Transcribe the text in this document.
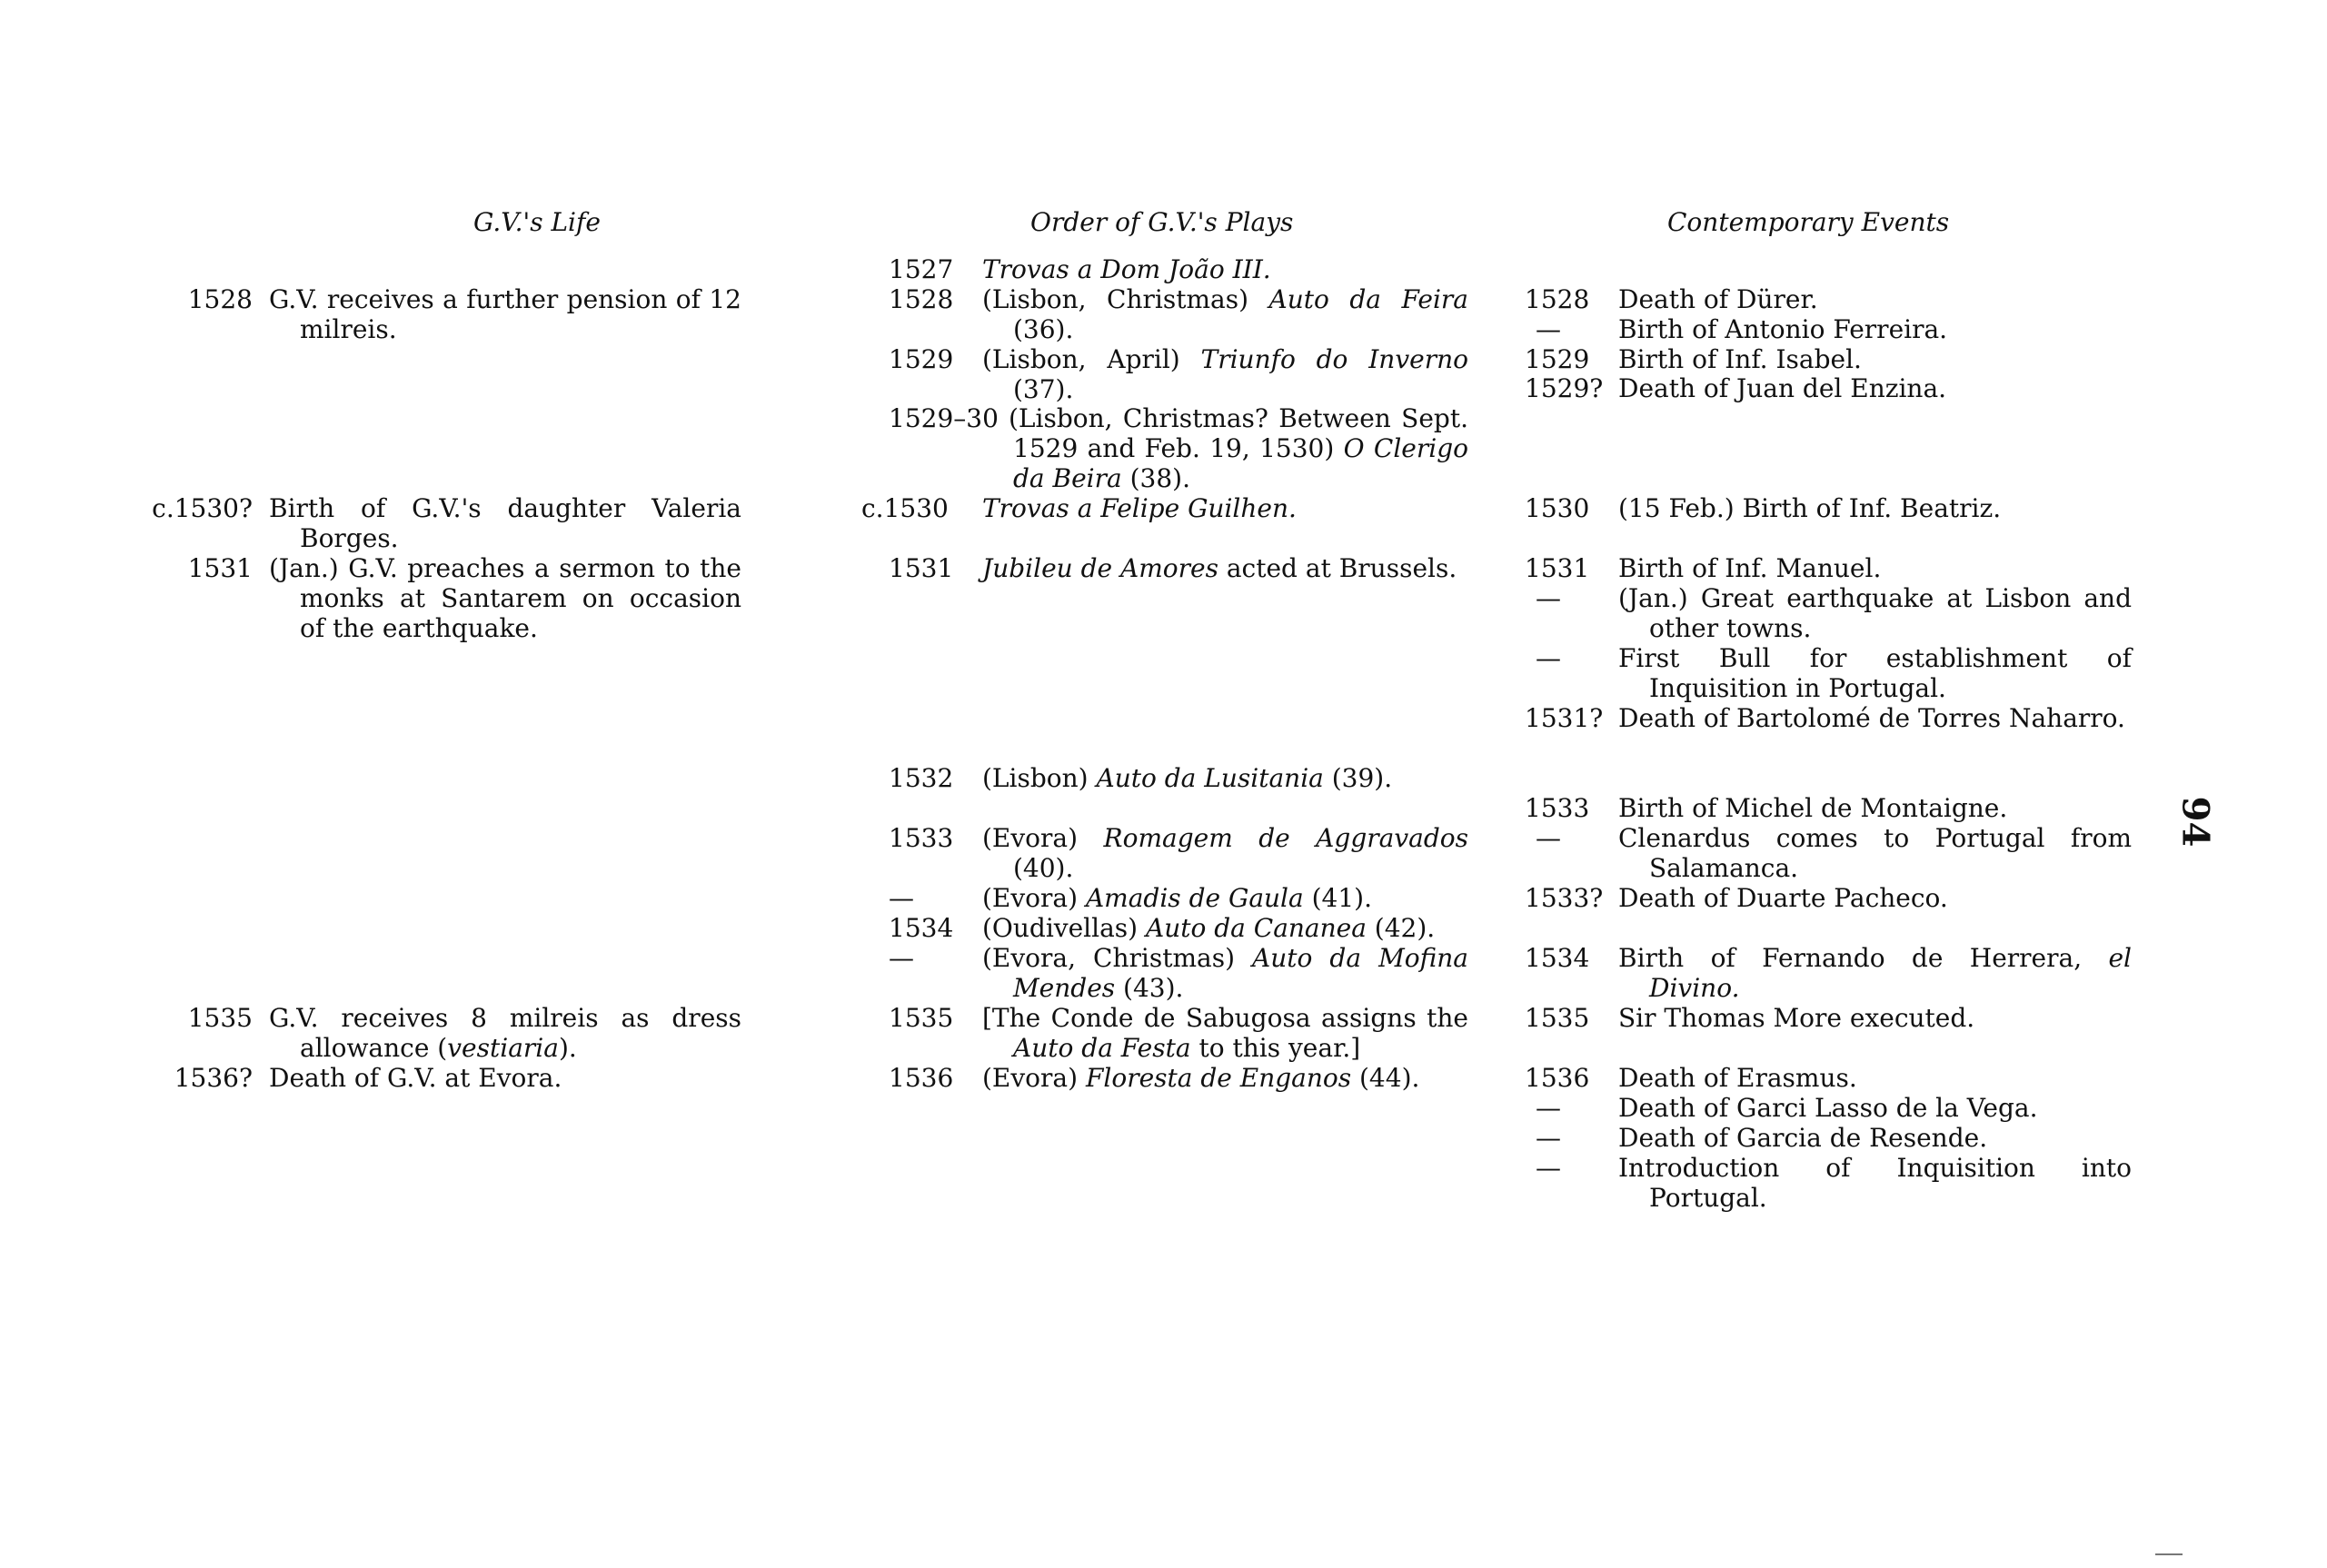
G.V.'s Life	Order of G.V.'s Plays	Contemporary Events
1528 G.V. receives a further pension of 12 milreis.
c.1530? Birth of G.V.'s daughter Valeria Borges.
1531 (Jan.) G.V. preaches a sermon to the monks at Santarem on occasion of the earthquake.
1535 G.V. receives 8 milreis as dress allowance (vestiaria).
1536? Death of G.V. at Evora.
1527	Trovas a Dom João III.
1528	(Lisbon, Christmas) Auto da Feira (36).
1529	(Lisbon, April) Triunfo do Inverno (37).
1529–30 (Lisbon, Christmas? Between Sept. 1529 and Feb. 19, 1530) O Clerigo da Beira (38).
c.1530	Trovas a Felipe Guilhen.
1531	Jubileu de Amores acted at Brussels.
1532	(Lisbon) Auto da Lusitania (39).
1533	(Evora) Romagem de Aggravados (40).
—	(Evora) Amadis de Gaula (41).
1534	(Oudivellas) Auto da Cananea (42).
—	(Evora, Christmas) Auto da Mofina Mendes (43).
1535	[The Conde de Sabugosa assigns the Auto da Festa to this year.]
1536	(Evora) Floresta de Enganos (44).
1528	Death of Dürer.
—	Birth of Antonio Ferreira.
1529	Birth of Inf. Isabel.
1529? Death of Juan del Enzina.
1530	(15 Feb.) Birth of Inf. Beatriz.
1531	Birth of Inf. Manuel.
—	(Jan.) Great earthquake at Lisbon and other towns.
—	First Bull for establishment of Inquisition in Portugal.
1531? Death of Bartolomé de Torres Naharro.
1533	Birth of Michel de Montaigne.
—	Clenardus comes to Portugal from Salamanca.
1533? Death of Duarte Pacheco.
1534	Birth of Fernando de Herrera, el Divino.
1535	Sir Thomas More executed.
1536	Death of Erasmus.
—	Death of Garci Lasso de la Vega.
—	Death of Garcia de Resende.
—	Introduction of Inquisition into Portugal.
94
